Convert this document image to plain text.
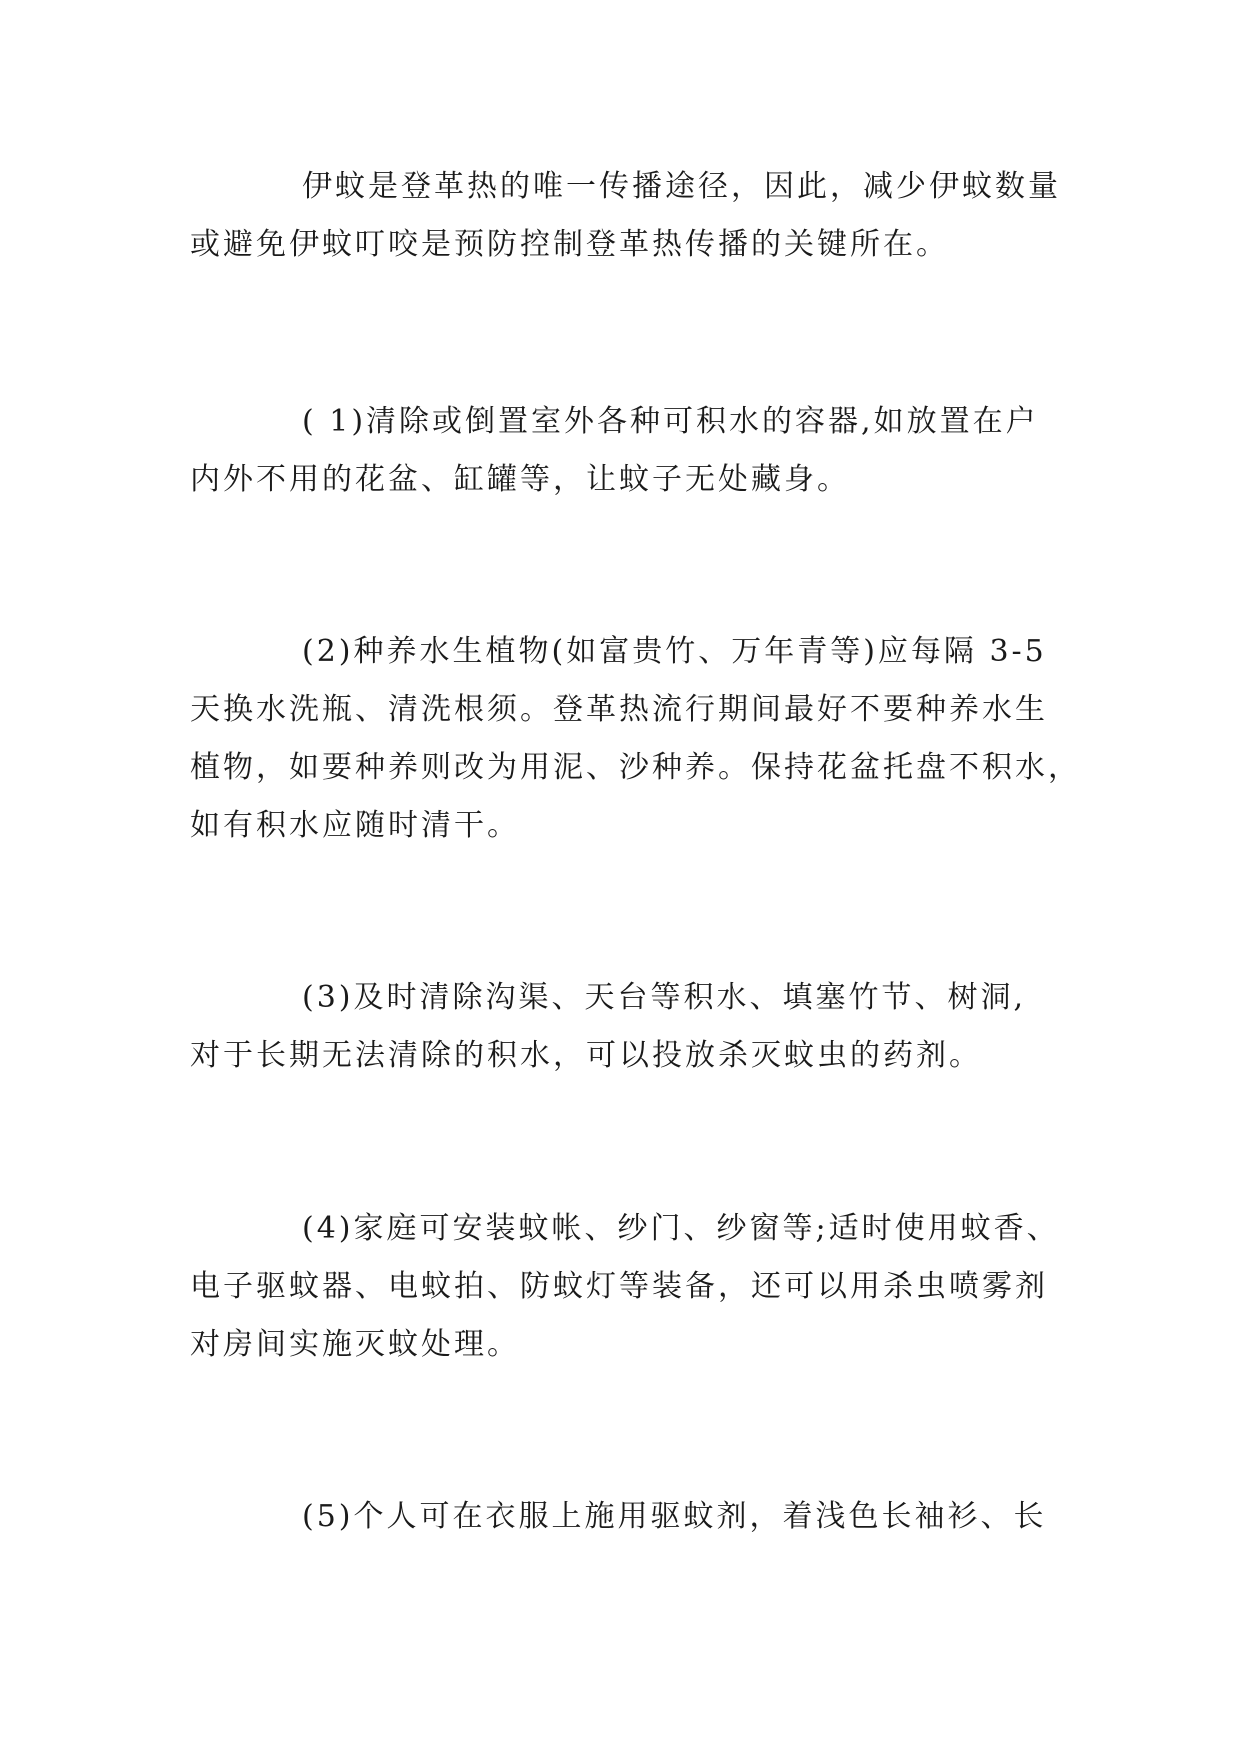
伊蚊是登革热的唯一传播途径，因此，减少伊蚊数量
或避免伊蚊叮咬是预防控制登革热传播的关键所在。
( 1)清除或倒置室外各种可积水的容器,如放置在户
内外不用的花盆、缸罐等，让蚊子无处藏身。
(2)种养水生植物(如富贵竹、万年青等)应每隔 3-5
天换水洗瓶、清洗根须。登革热流行期间最好不要种养水生
植物，如要种养则改为用泥、沙种养。保持花盆托盘不积水，
如有积水应随时清干。
(3)及时清除沟渠、天台等积水、填塞竹节、树洞,
对于长期无法清除的积水，可以投放杀灭蚊虫的药剂。
(4)家庭可安装蚊帐、纱门、纱窗等;适时使用蚊香、
电子驱蚊器、电蚊拍、防蚊灯等装备，还可以用杀虫喷雾剂
对房间实施灭蚊处理。
(5)个人可在衣服上施用驱蚊剂，着浅色长袖衫、长
